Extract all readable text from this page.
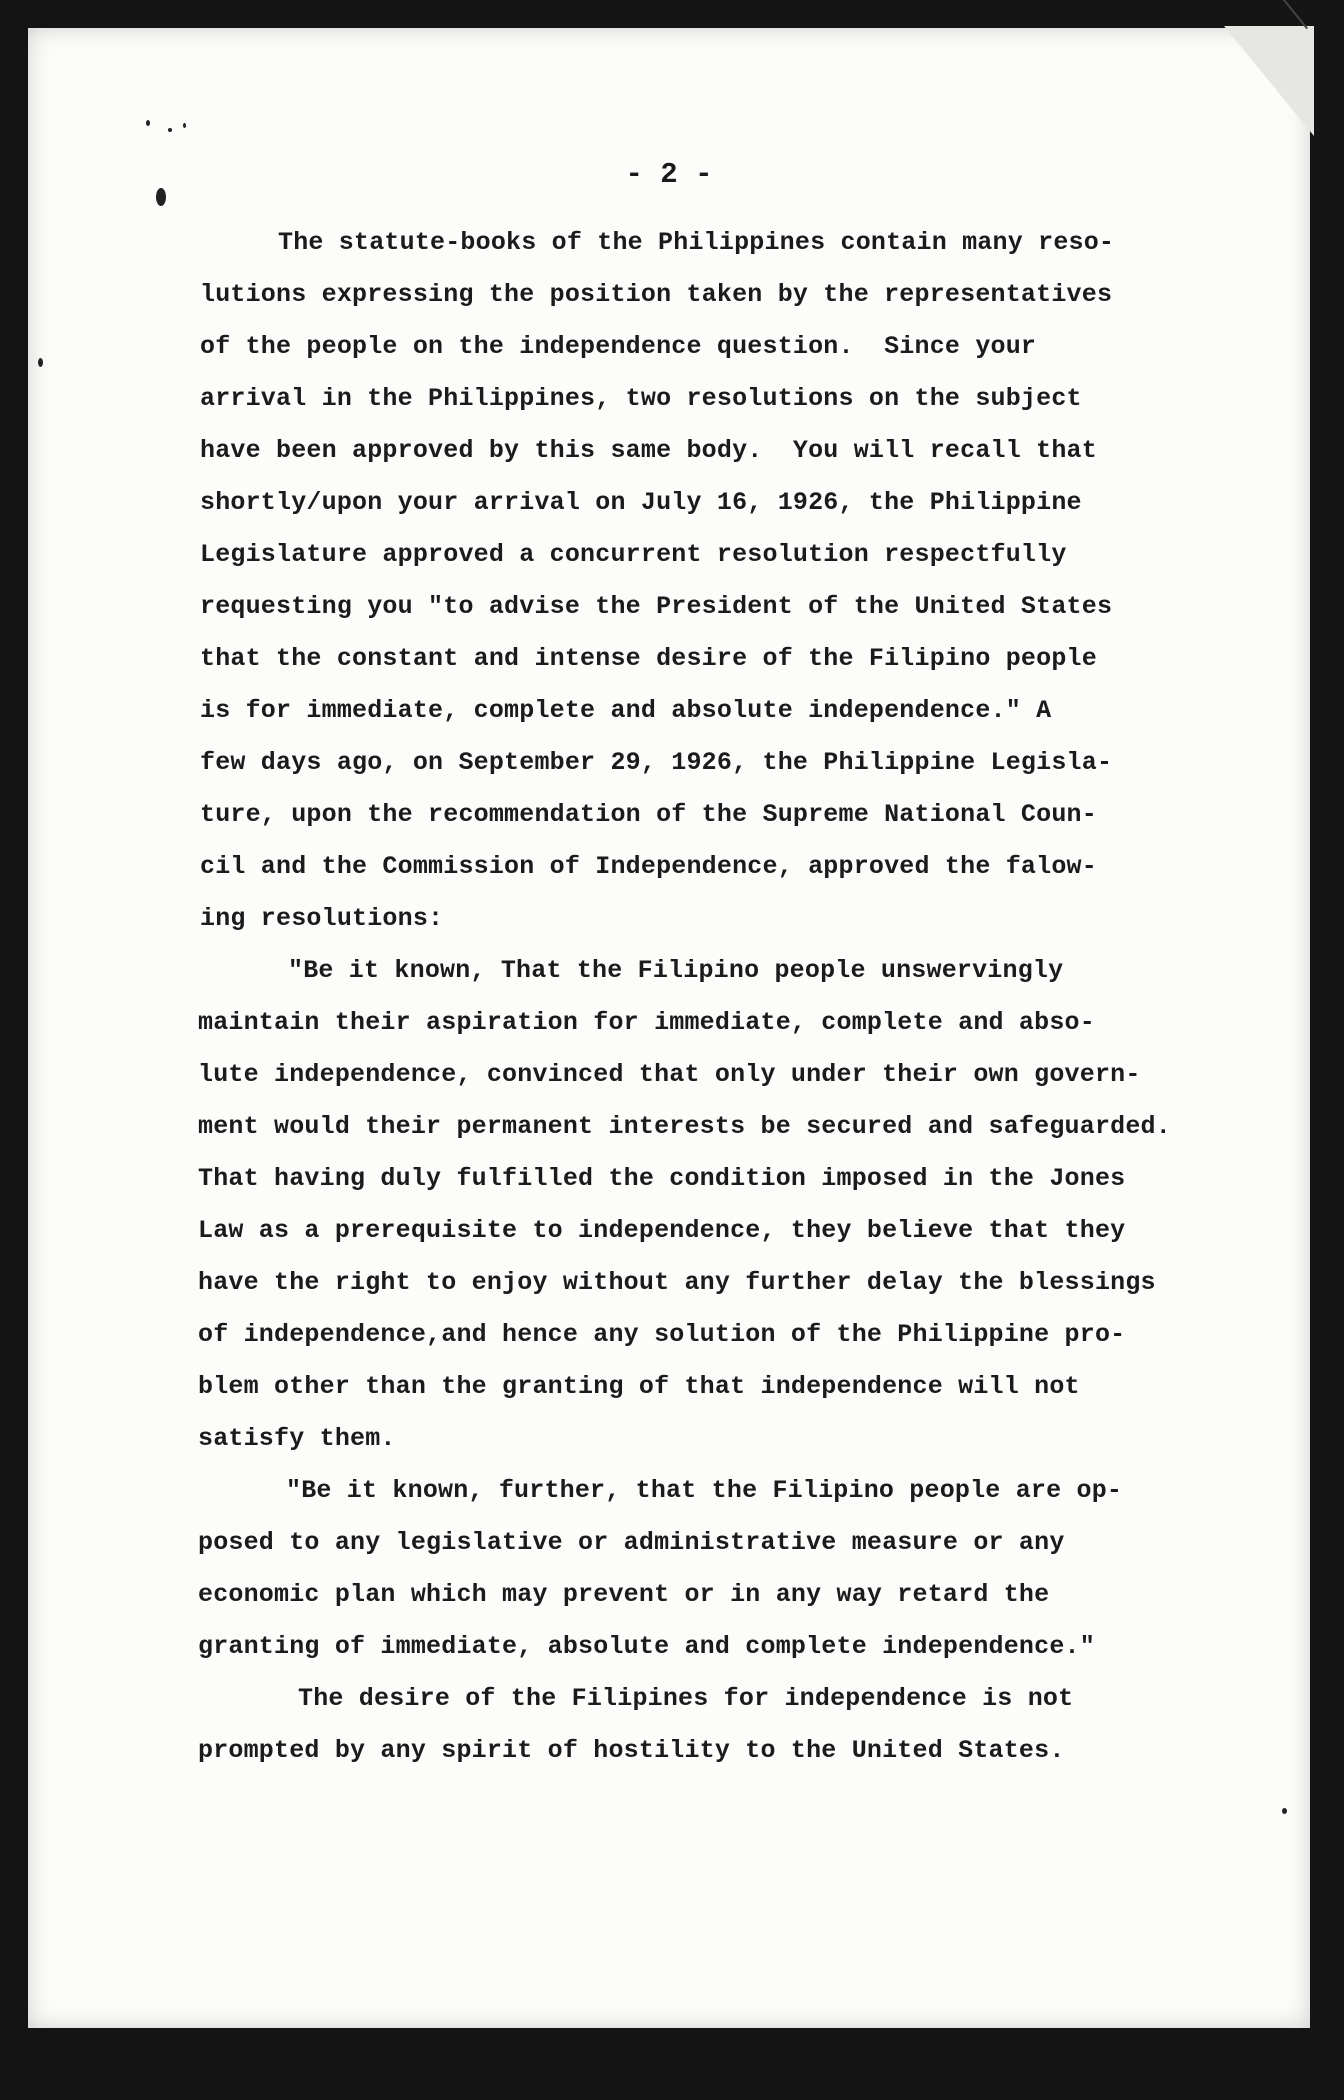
- 2 -

The statute-books of the Philippines contain many reso-

lutions expressing the position taken by the representatives

of the people on the independence question.  Since your

arrival in the Philippines, two resolutions on the subject

have been approved by this same body.  You will recall that

shortly/upon your arrival on July 16, 1926, the Philippine

Legislature approved a concurrent resolution respectfully

requesting you "to advise the President of the United States

that the constant and intense desire of the Filipino people

is for immediate, complete and absolute independence." A

few days ago, on September 29, 1926, the Philippine Legisla-

ture, upon the recommendation of the Supreme National Coun-

cil and the Commission of Independence, approved the falow-

ing resolutions:

"Be it known, That the Filipino people unswervingly

maintain their aspiration for immediate, complete and abso-

lute independence, convinced that only under their own govern-

ment would their permanent interests be secured and safeguarded.

That having duly fulfilled the condition imposed in the Jones

Law as a prerequisite to independence, they believe that they

have the right to enjoy without any further delay the blessings

of independence,and hence any solution of the Philippine pro-

blem other than the granting of that independence will not

satisfy them.

"Be it known, further, that the Filipino people are op-

posed to any legislative or administrative measure or any

economic plan which may prevent or in any way retard the

granting of immediate, absolute and complete independence."

The desire of the Filipines for independence is not

prompted by any spirit of hostility to the United States.
